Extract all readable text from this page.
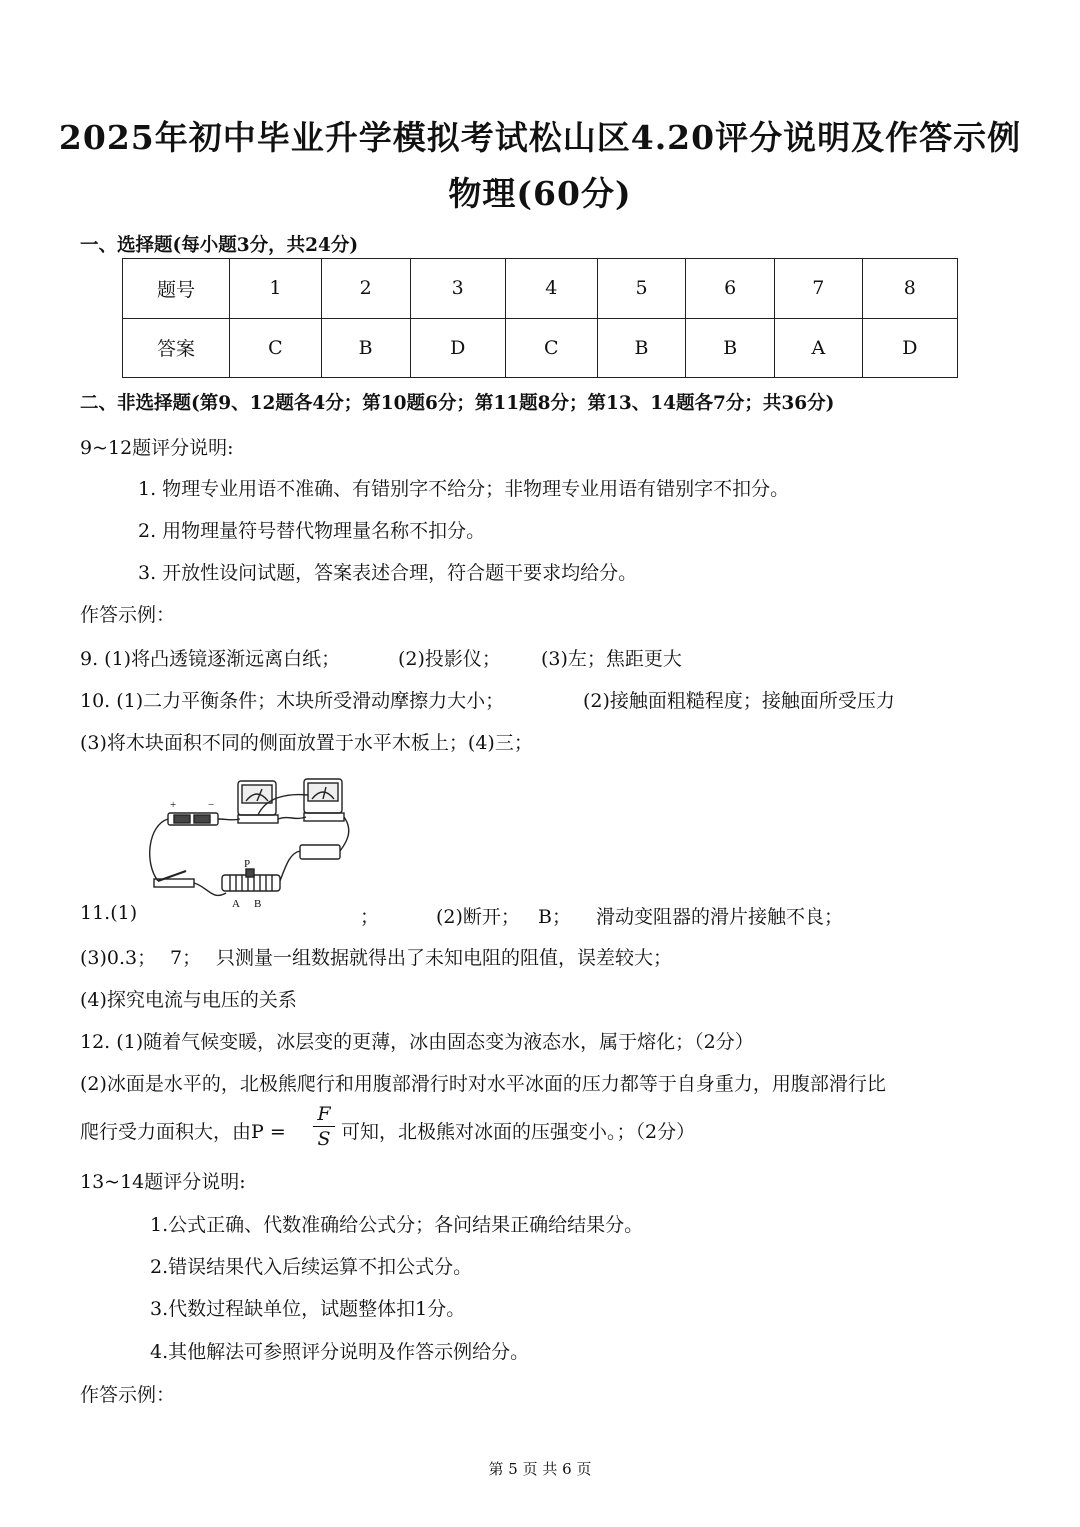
2025年初中毕业升学模拟考试松山区4.20评分说明及作答示例
物理(60分)
一、选择题(每小题3分，共24分)
题号	1	2	3	4	5	6	7	8
答案	C	B	D	C	B	B	A	D
二、非选择题(第9、12题各4分；第10题6分；第11题8分；第13、14题各7分；共36分)
9~12题评分说明:
1. 物理专业用语不准确、有错别字不给分；非物理专业用语有错别字不扣分。
2. 用物理量符号替代物理量名称不扣分。
3. 开放性设问试题，答案表述合理，符合题干要求均给分。
作答示例：
9. (1)将凸透镜逐渐远离白纸；	(2)投影仪； (3)左；焦距更大
10. (1)二力平衡条件；木块所受滑动摩擦力大小；	(2)接触面粗糙程度；接触面所受压力
(3)将木块面积不同的侧面放置于水平木板上；(4)三；
+	−
P
A B
11.(1)	；	(2)断开； B； 滑动变阻器的滑片接触不良；
(3)0.3； 7； 只测量一组数据就得出了未知电阻的阻值，误差较大；
(4)探究电流与电压的关系
12. (1)随着气候变暖，冰层变的更薄，冰由固态变为液态水，属于熔化；（2分）
(2)冰面是水平的，北极熊爬行和用腹部滑行时对水平冰面的压力都等于自身重力，用腹部滑行比
爬行受力面积大，由P =
F
S 可知，北极熊对冰面的压强变小。；（2分）
13~14题评分说明:
1.公式正确、代数准确给公式分；各问结果正确给结果分。
2.错误结果代入后续运算不扣公式分。
3.代数过程缺单位，试题整体扣1分。
4.其他解法可参照评分说明及作答示例给分。
作答示例：
第 5 页 共 6 页
